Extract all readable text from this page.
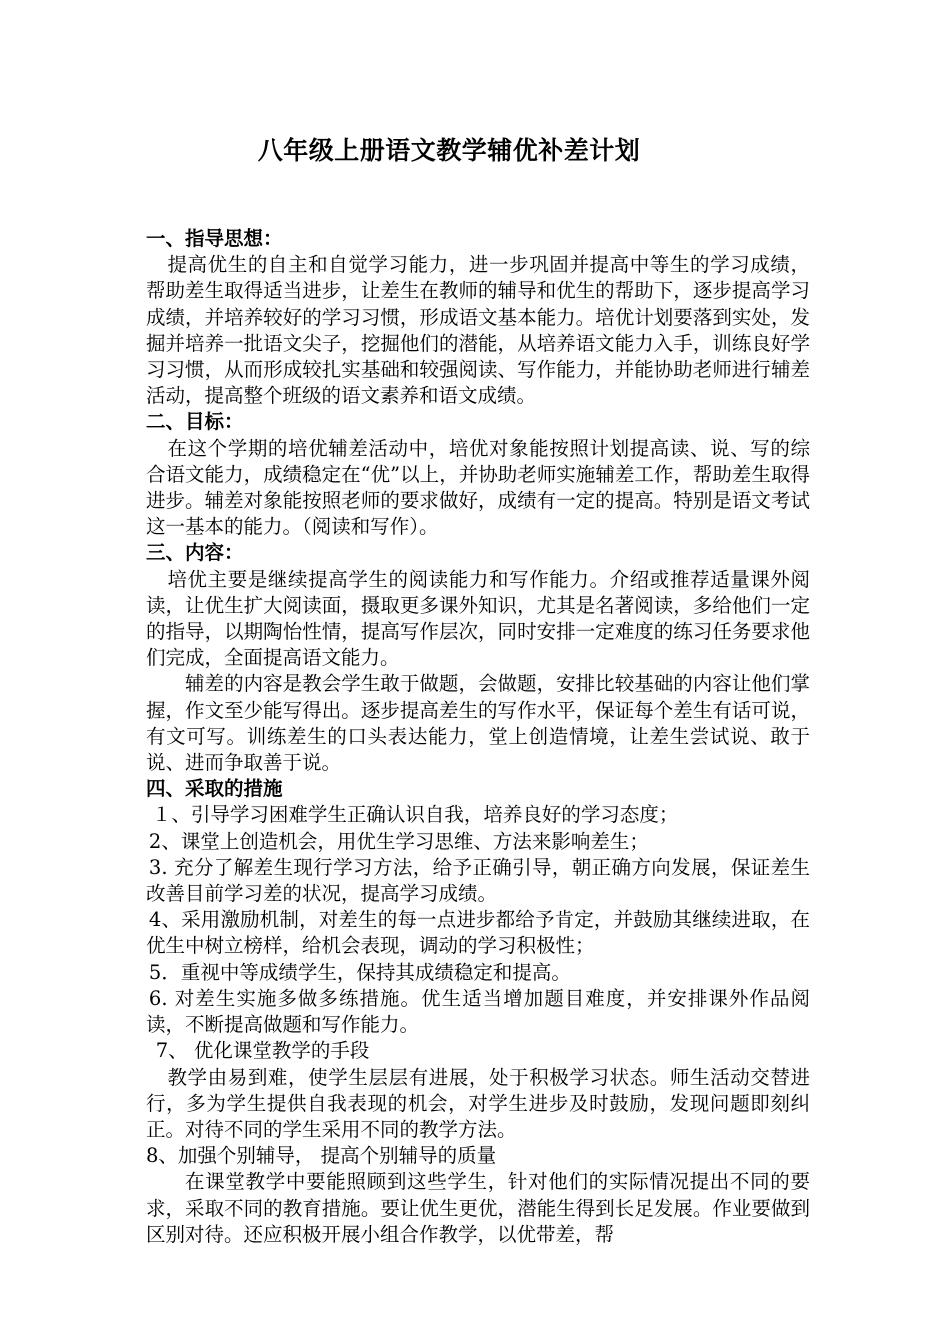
八年级上册语文教学辅优补差计划

一、指导思想：

提高优生的自主和自觉学习能力，进一步巩固并提高中等生的学习成绩，帮助差生取得适当进步，让差生在教师的辅导和优生的帮助下，逐步提高学习成绩，并培养较好的学习习惯，形成语文基本能力。培优计划要落到实处，发掘并培养一批语文尖子，挖掘他们的潜能，从培养语文能力入手，训练良好学习习惯，从而形成较扎实基础和较强阅读、写作能力，并能协助老师进行辅差活动，提高整个班级的语文素养和语文成绩。

二、目标：

在这个学期的培优辅差活动中，培优对象能按照计划提高读、说、写的综合语文能力，成绩稳定在“优”以上，并协助老师实施辅差工作，帮助差生取得进步。辅差对象能按照老师的要求做好，成绩有一定的提高。特别是语文考试这一基本的能力。（阅读和写作）。

三、内容：

培优主要是继续提高学生的阅读能力和写作能力。介绍或推荐适量课外阅读，让优生扩大阅读面，摄取更多课外知识，尤其是名著阅读，多给他们一定的指导，以期陶怡性情，提高写作层次，同时安排一定难度的练习任务要求他们完成，全面提高语文能力。

辅差的内容是教会学生敢于做题，会做题，安排比较基础的内容让他们掌握，作文至少能写得出。逐步提高差生的写作水平，保证每个差生有话可说，有文可写。训练差生的口头表达能力，堂上创造情境，让差生尝试说、敢于说、进而争取善于说。

四、采取的措施

１、引导学习困难学生正确认识自我，培养良好的学习态度；

2、课堂上创造机会，用优生学习思维、方法来影响差生；

3. 充分了解差生现行学习方法，给予正确引导，朝正确方向发展，保证差生改善目前学习差的状况，提高学习成绩。

4、采用激励机制，对差生的每一点进步都给予肯定，并鼓励其继续进取，在优生中树立榜样，给机会表现，调动的学习积极性；

5．重视中等成绩学生，保持其成绩稳定和提高。

6. 对差生实施多做多练措施。优生适当增加题目难度，并安排课外作品阅读，不断提高做题和写作能力。

7、 优化课堂教学的手段

教学由易到难，使学生层层有进展，处于积极学习状态。师生活动交替进行，多为学生提供自我表现的机会，对学生进步及时鼓励，发现问题即刻纠正。对待不同的学生采用不同的教学方法。

8、加强个别辅导， 提高个别辅导的质量

在课堂教学中要能照顾到这些学生，针对他们的实际情况提出不同的要求，采取不同的教育措施。要让优生更优，潜能生得到长足发展。作业要做到区别对待。还应积极开展小组合作教学，以优带差，帮
